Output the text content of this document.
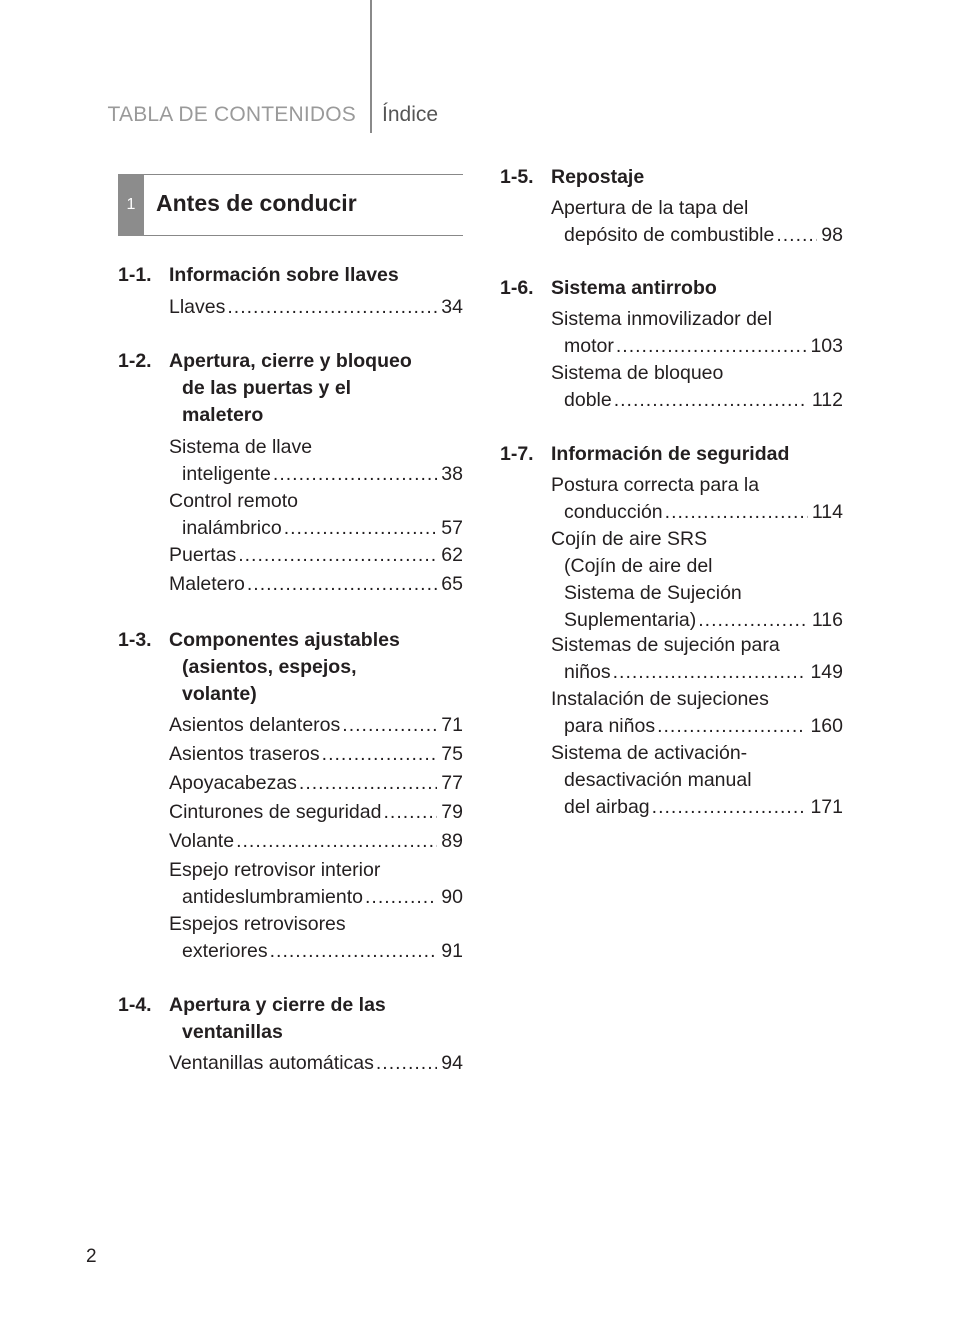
TABLA DE CONTENIDOS Índice
1 Antes de conducir
1-1. Información sobre llaves
Llaves .....	34
1-2. Apertura, cierre y bloqueo
de las puertas y el
maletero
Sistema de llave
inteligente .....	38
Control remoto
inalámbrico .....	57
Puertas .....	62
Maletero .....	65
1-3. Componentes ajustables
(asientos, espejos,
volante)
Asientos delanteros .....	71
Asientos traseros .....	75
Apoyacabezas .....	77
Cinturones de seguridad .....	79
Volante .....	89
Espejo retrovisor interior
antideslumbramiento .....	90
Espejos retrovisores
exteriores .....	91
1-4. Apertura y cierre de las
ventanillas
Ventanillas automáticas .....	94
1-5. Repostaje
Apertura de la tapa del
depósito de combustible ..... 98
1-6. Sistema antirrobo
Sistema inmovilizador del
motor .....	103
Sistema de bloqueo
doble .....	112
1-7. Información de seguridad
Postura correcta para la
conducción .....	114
Cojín de aire SRS
(Cojín de aire del
Sistema de Sujeción
Suplementaria) .....	116
Sistemas de sujeción para
niños .....	149
Instalación de sujeciones
para niños .....	160
Sistema de activación-
desactivación manual
del airbag .....	171
2
